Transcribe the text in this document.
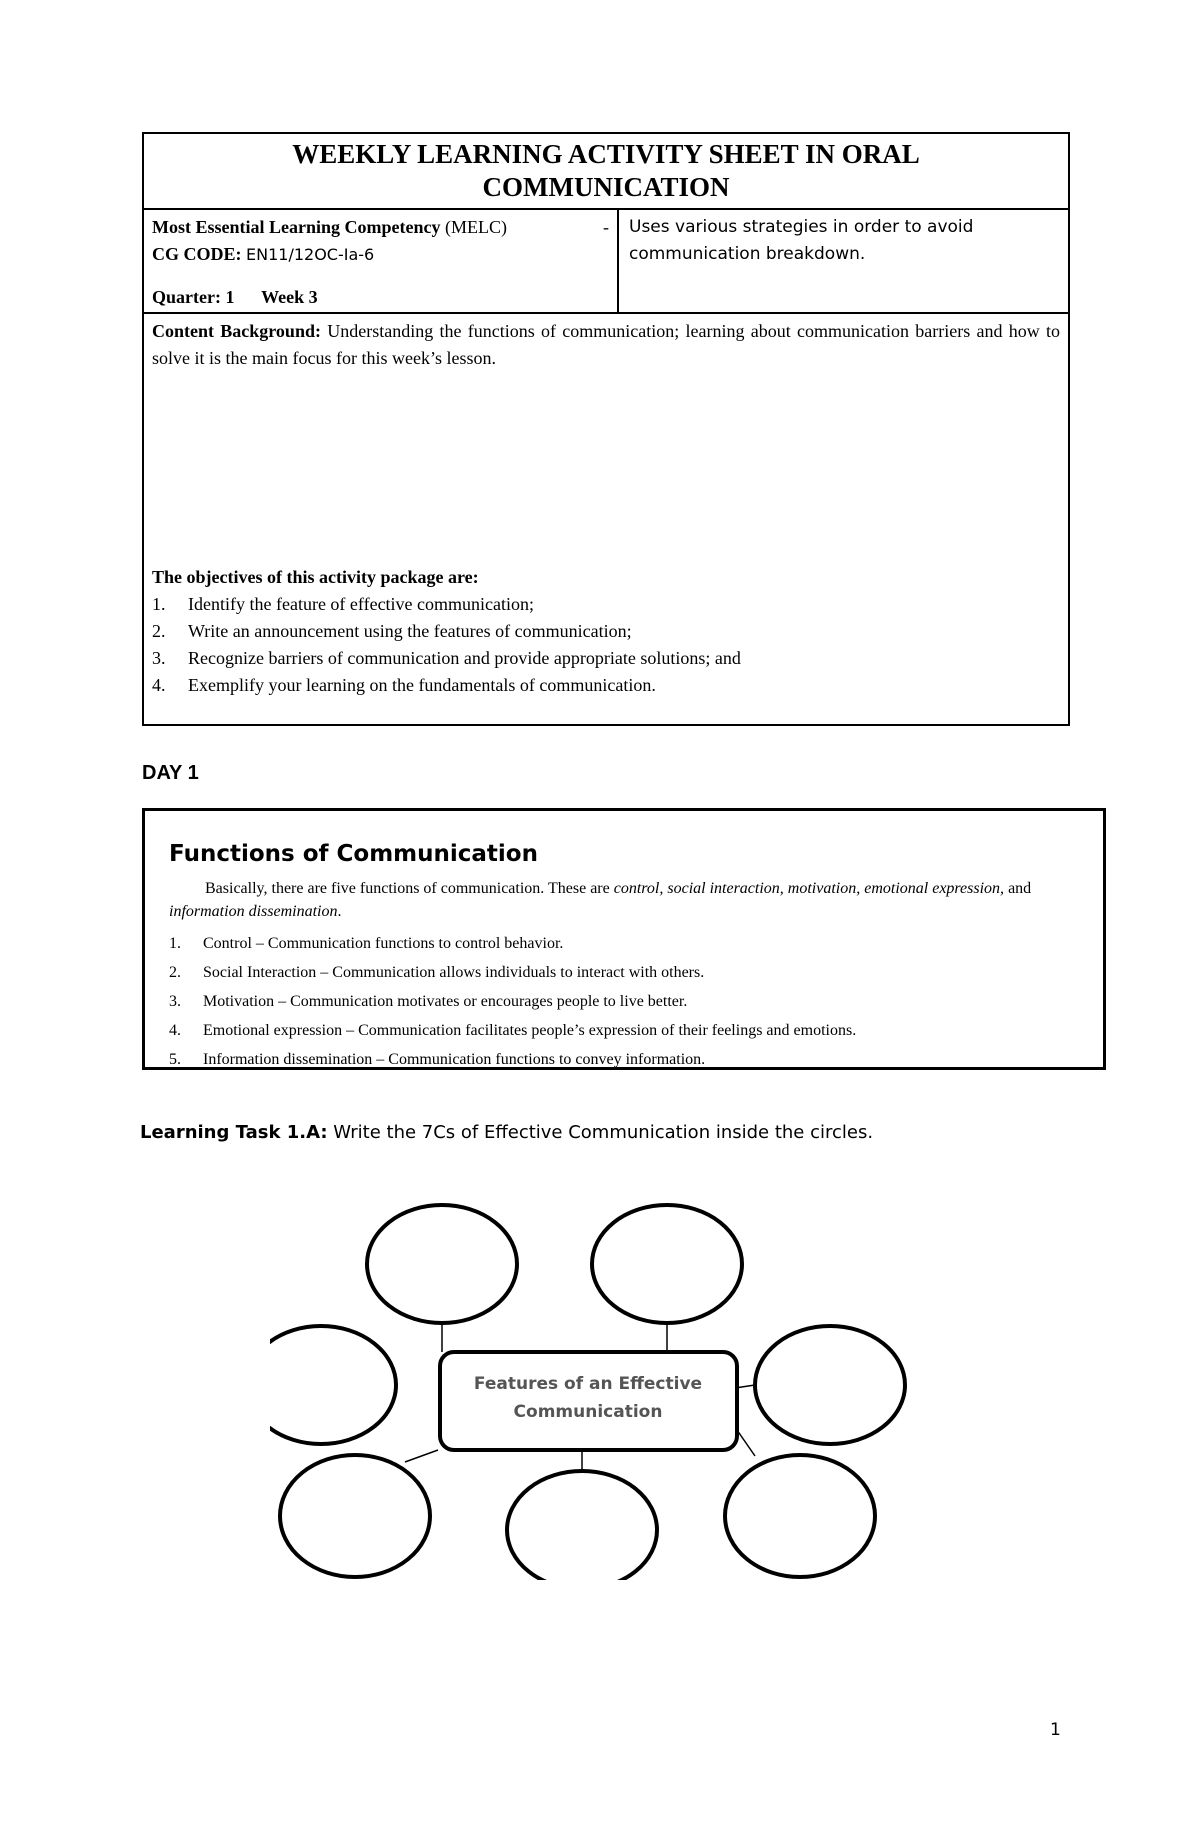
WEEKLY LEARNING ACTIVITY SHEET IN ORAL
COMMUNICATION
Most Essential Learning Competency (MELC)	-
CG CODE: EN11/12OC-Ia-6
Quarter: 1 Week 3
Uses various strategies in order to avoid communication breakdown.
Content Background: Understanding the functions of communication; learning about communication barriers and how to solve it is the main focus for this week’s lesson.
The objectives of this activity package are:
1.	Identify the feature of effective communication;
2.	Write an announcement using the features of communication;
3.	Recognize barriers of communication and provide appropriate solutions; and
4.	Exemplify your learning on the fundamentals of communication.
DAY 1
Functions of Communication

Basically, there are five functions of communication. These are control, social interaction, motivation, emotional expression, and information dissemination.

1.	Control – Communication functions to control behavior.
2.	Social Interaction – Communication allows individuals to interact with others.
3.	Motivation – Communication motivates or encourages people to live better.
4.	Emotional expression – Communication facilitates people’s expression of their feelings and emotions.
5.	Information dissemination – Communication functions to convey information.
Learning Task 1.A: Write the 7Cs of Effective Communication inside the circles.
Features of an Effective
Communication
1
